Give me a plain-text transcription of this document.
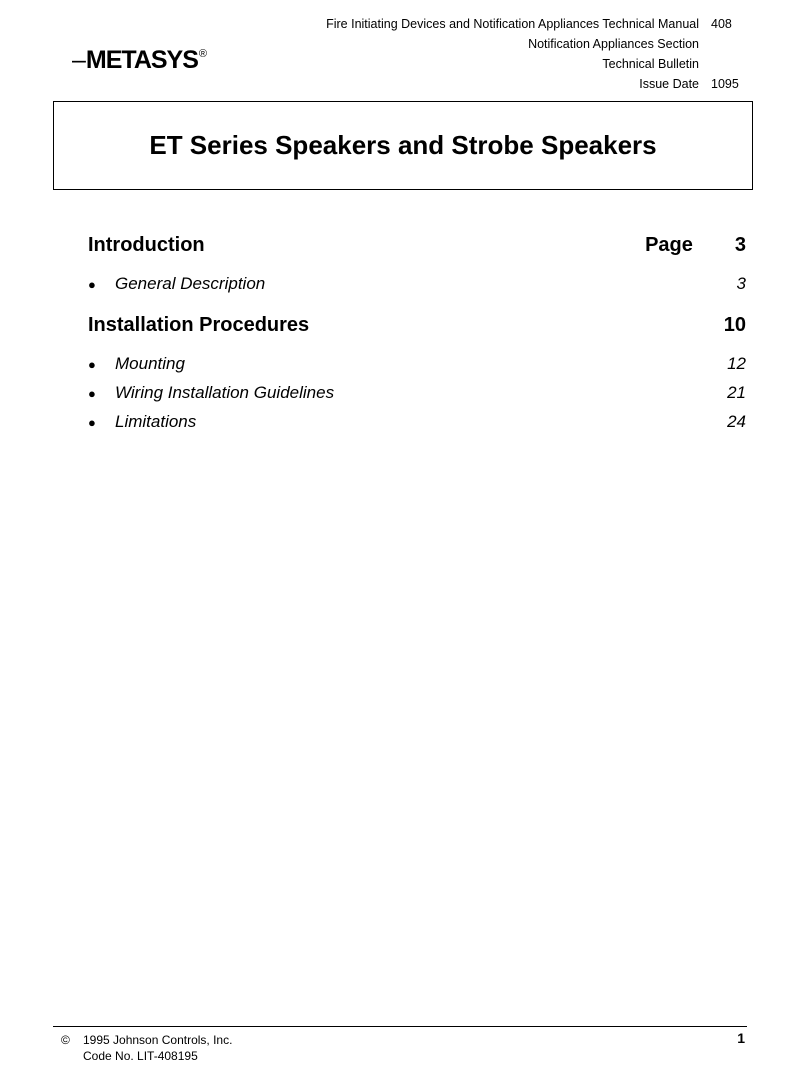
–METASYS®
Fire Initiating Devices and Notification Appliances Technical Manual 408
Notification Appliances Section
Technical Bulletin
Issue Date 1095
ET Series Speakers and Strobe Speakers
Introduction	Page 3
●	General Description	3
Installation Procedures	10
●	Mounting	12
●	Wiring Installation Guidelines	21
●	Limitations	24
© 1995 Johnson Controls, Inc.
Code No. LIT-408195
1
